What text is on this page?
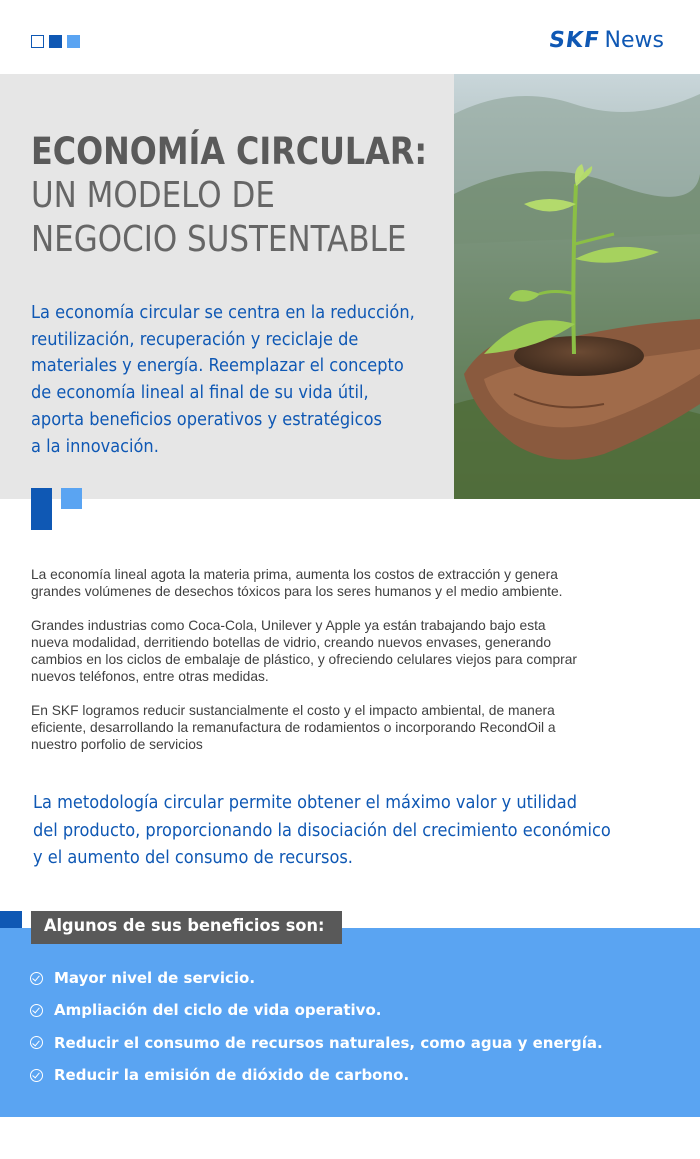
SKF News
ECONOMÍA CIRCULAR:
UN MODELO DE
NEGOCIO SUSTENTABLE
La economía circular se centra en la reducción,
reutilización, recuperación y reciclaje de
materiales y energía. Reemplazar el concepto
de economía lineal al final de su vida útil,
aporta beneficios operativos y estratégicos
a la innovación.

La economía lineal agota la materia prima, aumenta los costos de extracción y genera
grandes volúmenes de desechos tóxicos para los seres humanos y el medio ambiente.

Grandes industrias como Coca-Cola, Unilever y Apple ya están trabajando bajo esta
nueva modalidad, derritiendo botellas de vidrio, creando nuevos envases, generando
cambios en los ciclos de embalaje de plástico, y ofreciendo celulares viejos para comprar
nuevos teléfonos, entre otras medidas.

En SKF logramos reducir sustancialmente el costo y el impacto ambiental, de manera
eficiente, desarrollando la remanufactura de rodamientos o incorporando RecondOil a
nuestro porfolio de servicios

La metodología circular permite obtener el máximo valor y utilidad
del producto, proporcionando la disociación del crecimiento económico
y el aumento del consumo de recursos.
Algunos de sus beneficios son:
Mayor nivel de servicio.
Ampliación del ciclo de vida operativo.
Reducir el consumo de recursos naturales, como agua y energía.
Reducir la emisión de dióxido de carbono.
